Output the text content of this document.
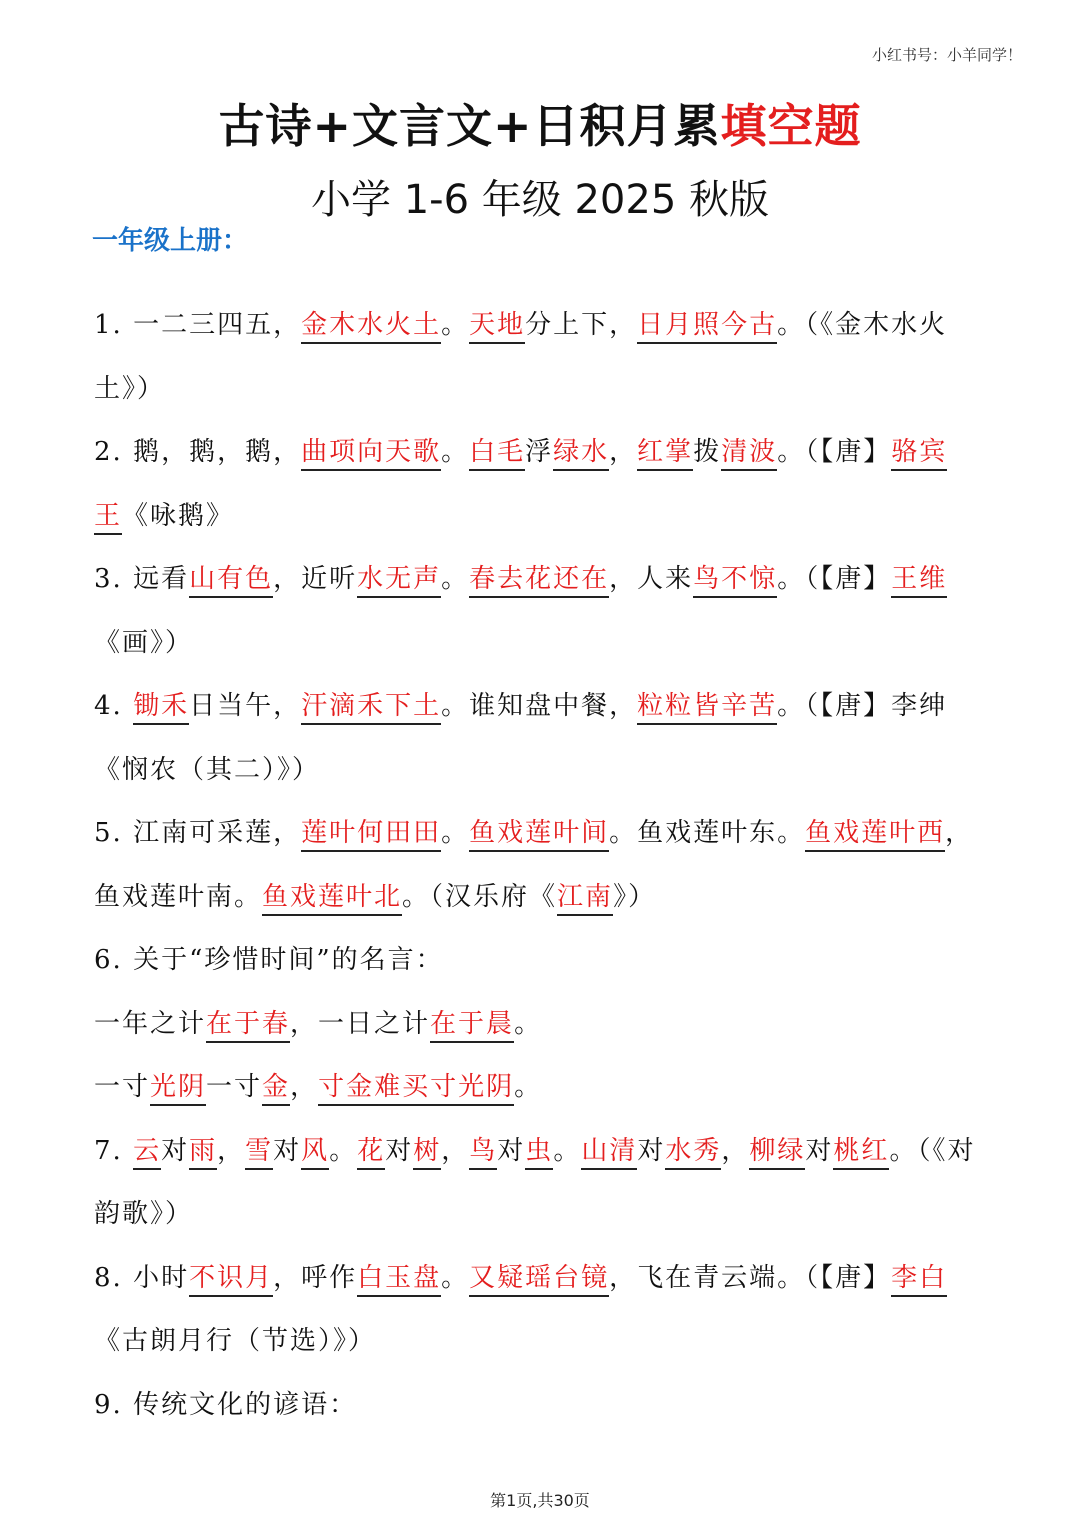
小红书号：小羊同学！
古诗+文言文+日积月累填空题
小学 1-6 年级 2025 秋版
一年级上册：
1. 一二三四五，金木水火土。天地分上下，日月照今古。（《金木水火
土》）
2. 鹅，鹅，鹅，曲项向天歌。白毛浮绿水，红掌拨清波。（【唐】骆宾
王《咏鹅》
3. 远看山有色，近听水无声。春去花还在，人来鸟不惊。（【唐】王维
《画》）
4. 锄禾日当午，汗滴禾下土。谁知盘中餐，粒粒皆辛苦。（【唐】李绅
《悯农（其二）》）
5. 江南可采莲，莲叶何田田。鱼戏莲叶间。鱼戏莲叶东。鱼戏莲叶西，
鱼戏莲叶南。鱼戏莲叶北。（汉乐府《江南》）
6. 关于“珍惜时间”的名言：
一年之计在于春，一日之计在于晨。
一寸光阴一寸金，寸金难买寸光阴。
7. 云对雨，雪对风。花对树，鸟对虫。山清对水秀，柳绿对桃红。（《对
韵歌》）
8. 小时不识月，呼作白玉盘。又疑瑶台镜，飞在青云端。（【唐】李白
《古朗月行（节选）》）
9. 传统文化的谚语：
第1页,共30页
